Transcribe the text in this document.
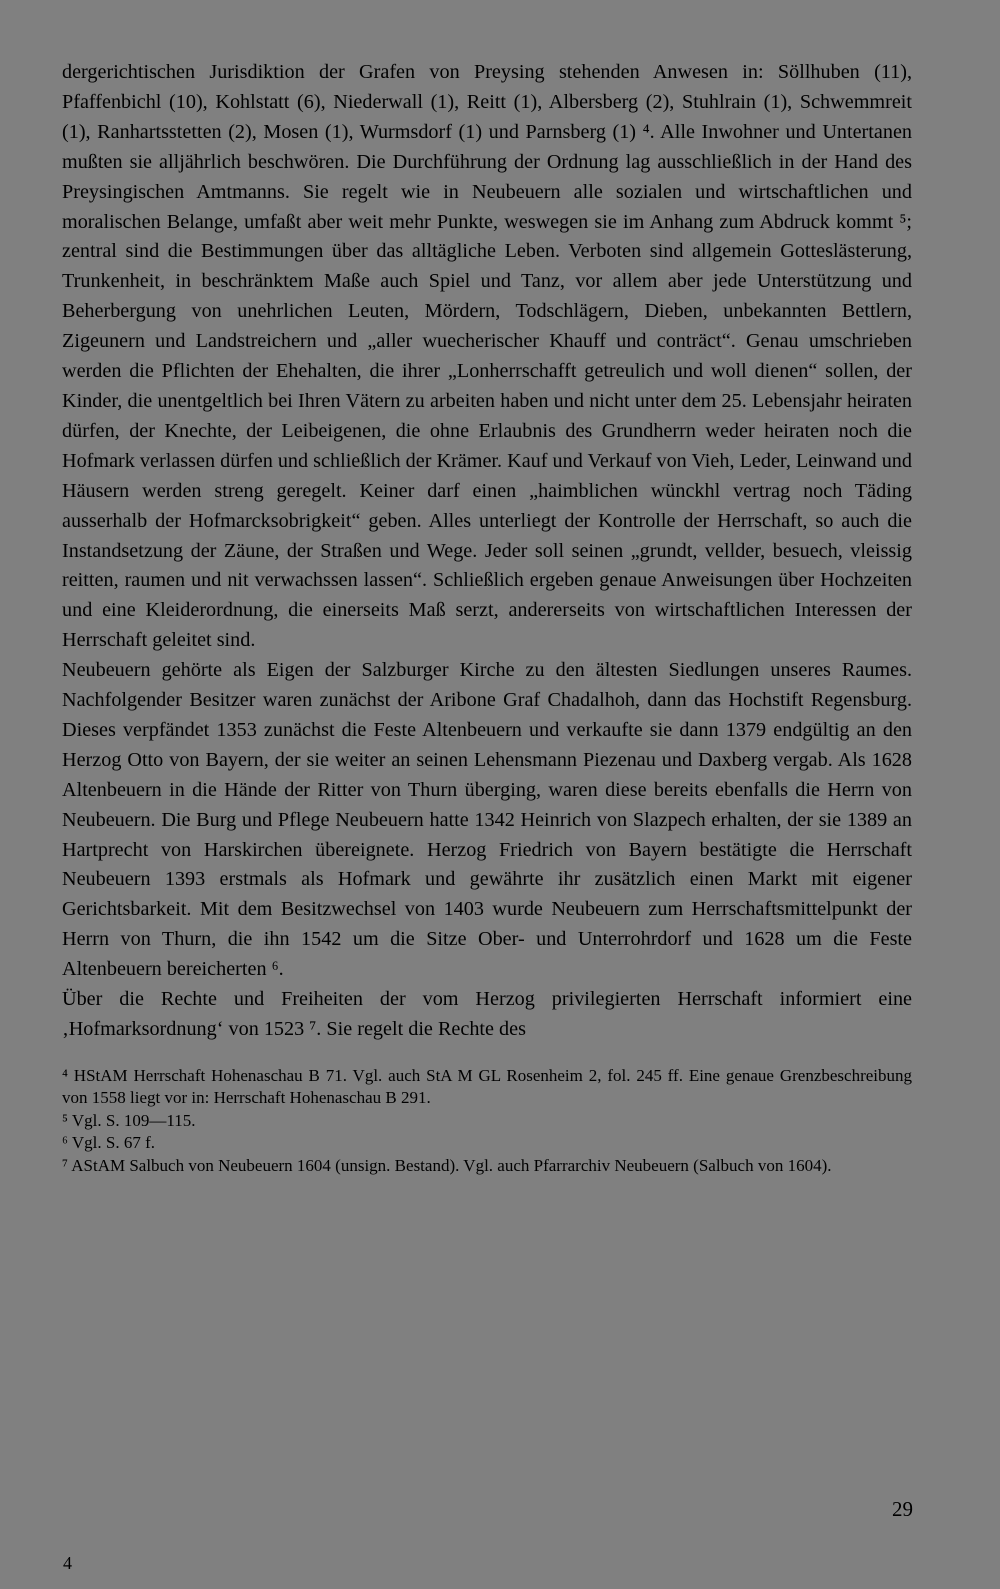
dergerichtischen Jurisdiktion der Grafen von Preysing stehenden Anwesen in: Söllhuben (11), Pfaffenbichl (10), Kohlstatt (6), Niederwall (1), Reitt (1), Albersberg (2), Stuhlrain (1), Schwemmreit (1), Ranhartsstetten (2), Mosen (1), Wurmsdorf (1) und Parnsberg (1) ⁴. Alle Inwohner und Untertanen mußten sie alljährlich beschwören. Die Durchführung der Ordnung lag ausschließlich in der Hand des Preysingischen Amtmanns. Sie regelt wie in Neubeuern alle sozialen und wirtschaftlichen und moralischen Belange, umfaßt aber weit mehr Punkte, weswegen sie im Anhang zum Abdruck kommt ⁵; zentral sind die Bestimmungen über das alltägliche Leben. Verboten sind allgemein Gotteslästerung, Trunkenheit, in beschränktem Maße auch Spiel und Tanz, vor allem aber jede Unterstützung und Beherbergung von unehrlichen Leuten, Mördern, Todschlägern, Dieben, unbekannten Bettlern, Zigeunern und Landstreichern und „aller wuecherischer Khauff und conträct“. Genau umschrieben werden die Pflichten der Ehehalten, die ihrer „Lonherrschafft getreulich und woll dienen“ sollen, der Kinder, die unentgeltlich bei Ihren Vätern zu arbeiten haben und nicht unter dem 25. Lebensjahr heiraten dürfen, der Knechte, der Leibeigenen, die ohne Erlaubnis des Grundherrn weder heiraten noch die Hofmark verlassen dürfen und schließlich der Krämer. Kauf und Verkauf von Vieh, Leder, Leinwand und Häusern werden streng geregelt. Keiner darf einen „haimblichen wünckhl vertrag noch Täding ausserhalb der Hofmarcksobrigkeit“ geben. Alles unterliegt der Kontrolle der Herrschaft, so auch die Instandsetzung der Zäune, der Straßen und Wege. Jeder soll seinen „grundt, vellder, besuech, vleissig reitten, raumen und nit verwachssen lassen“. Schließlich ergeben genaue Anweisungen über Hochzeiten und eine Kleiderordnung, die einerseits Maß serzt, andererseits von wirtschaftlichen Interessen der Herrschaft geleitet sind.

Neubeuern gehörte als Eigen der Salzburger Kirche zu den ältesten Siedlungen unseres Raumes. Nachfolgender Besitzer waren zunächst der Aribone Graf Chadalhoh, dann das Hochstift Regensburg. Dieses verpfändet 1353 zunächst die Feste Altenbeuern und verkaufte sie dann 1379 endgültig an den Herzog Otto von Bayern, der sie weiter an seinen Lehensmann Piezenau und Daxberg vergab. Als 1628 Altenbeuern in die Hände der Ritter von Thurn überging, waren diese bereits ebenfalls die Herrn von Neubeuern. Die Burg und Pflege Neubeuern hatte 1342 Heinrich von Slazpech erhalten, der sie 1389 an Hartprecht von Harskirchen übereignete. Herzog Friedrich von Bayern bestätigte die Herrschaft Neubeuern 1393 erstmals als Hofmark und gewährte ihr zusätzlich einen Markt mit eigener Gerichtsbarkeit. Mit dem Besitzwechsel von 1403 wurde Neubeuern zum Herrschaftsmittelpunkt der Herrn von Thurn, die ihn 1542 um die Sitze Ober- und Unterrohrdorf und 1628 um die Feste Altenbeuern bereicherten ⁶.

Über die Rechte und Freiheiten der vom Herzog privilegierten Herrschaft informiert eine ‚Hofmarksordnung‘ von 1523 ⁷. Sie regelt die Rechte des

⁴ HStAM Herrschaft Hohenaschau B 71. Vgl. auch StA M GL Rosenheim 2, fol. 245 ff. Eine genaue Grenzbeschreibung von 1558 liegt vor in: Herrschaft Hohenaschau B 291.

⁵ Vgl. S. 109—115.

⁶ Vgl. S. 67 f.

⁷ AStAM Salbuch von Neubeuern 1604 (unsign. Bestand). Vgl. auch Pfarrarchiv Neubeuern (Salbuch von 1604).

29
4
